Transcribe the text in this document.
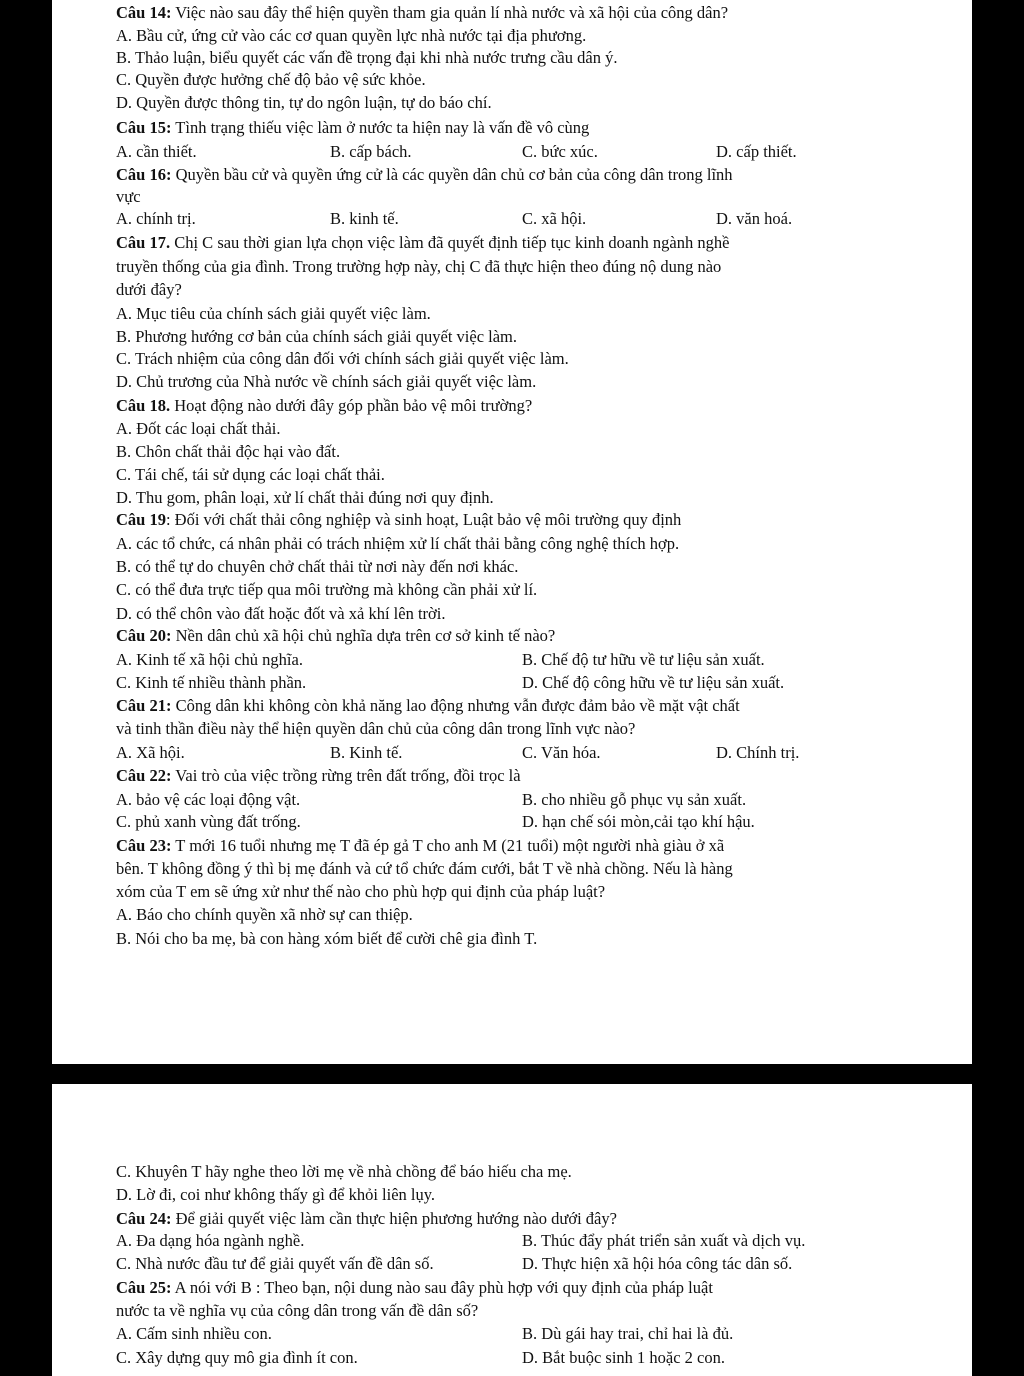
Câu 14: Việc nào sau đây thể hiện quyền tham gia quản lí nhà nước và xã hội của công dân?
A. Bầu cử, ứng cử vào các cơ quan quyền lực nhà nước tại địa phương.
B. Thảo luận, biểu quyết các vấn đề trọng đại khi nhà nước trưng cầu dân ý.
C. Quyền được hưởng chế độ bảo vệ sức khỏe.
D. Quyền được thông tin, tự do ngôn luận, tự do báo chí.
Câu 15: Tình trạng thiếu việc làm ở nước ta hiện nay là vấn đề vô cùng
A. cần thiết.	B. cấp bách.	C. bức xúc.	D. cấp thiết.
Câu 16: Quyền bầu cử và quyền ứng cử là các quyền dân chủ cơ bản của công dân trong lĩnh
vực
A. chính trị.	B. kinh tế.	C. xã hội.	D. văn hoá.
Câu 17. Chị C sau thời gian lựa chọn việc làm đã quyết định tiếp tục kinh doanh ngành nghề
truyền thống của gia đình. Trong trường hợp này, chị C đã thực hiện theo đúng nộ dung nào
dưới đây?
A. Mục tiêu của chính sách giải quyết việc làm.
B. Phương hướng cơ bản của chính sách giải quyết việc làm.
C. Trách nhiệm của công dân đối với chính sách giải quyết việc làm.
D. Chủ trương của Nhà nước về chính sách giải quyết việc làm.
Câu 18. Hoạt động nào dưới đây góp phần bảo vệ môi trường?
A. Đốt các loại chất thải.
B. Chôn chất thải độc hại vào đất.
C. Tái chế, tái sử dụng các loại chất thải.
D. Thu gom, phân loại, xử lí chất thải đúng nơi quy định.
Câu 19: Đối với chất thải công nghiệp và sinh hoạt, Luật bảo vệ môi trường quy định
A. các tổ chức, cá nhân phải có trách nhiệm xử lí chất thải bằng công nghệ thích hợp.
B. có thể tự do chuyên chở chất thải từ nơi này đến nơi khác.
C. có thể đưa trực tiếp qua môi trường mà không cần phải xử lí.
D. có thể chôn vào đất hoặc đốt và xả khí lên trời.
Câu 20: Nền dân chủ xã hội chủ nghĩa dựa trên cơ sở kinh tế nào?
A. Kinh tế xã hội chủ nghĩa.	B. Chế độ tư hữu về tư liệu sản xuất.
C. Kinh tế nhiều thành phần.	D. Chế độ công hữu về tư liệu sản xuất.
Câu 21: Công dân khi không còn khả năng lao động nhưng vẫn được đảm bảo về mặt vật chất
và tinh thần điều này thể hiện quyền dân chủ của công dân trong lĩnh vực nào?
A. Xã hội.	B. Kinh tế.	C. Văn hóa.	D. Chính trị.
Câu 22: Vai trò của việc trồng rừng trên đất trống, đồi trọc là
A. bảo vệ các loại động vật.	B. cho nhiều gỗ phục vụ sản xuất.
C. phủ xanh vùng đất trống.	D. hạn chế sói mòn,cải tạo khí hậu.
Câu 23: T mới 16 tuổi nhưng mẹ T đã ép gả T cho anh M (21 tuổi) một người nhà giàu ở xã
bên. T không đồng ý thì bị mẹ đánh và cứ tổ chức đám cưới, bắt T về nhà chồng. Nếu là hàng
xóm của T em sẽ ứng xử như thế nào cho phù hợp qui định của pháp luật?
A. Báo cho chính quyền xã nhờ sự can thiệp.
B. Nói cho ba mẹ, bà con hàng xóm biết để cười chê gia đình T.
C. Khuyên T hãy nghe theo lời mẹ về nhà chồng để báo hiếu cha mẹ.
D. Lờ đi, coi như không thấy gì để khỏi liên lụy.
Câu 24: Để giải quyết việc làm cần thực hiện phương hướng nào dưới đây?
A. Đa dạng hóa ngành nghề.	B. Thúc đẩy phát triển sản xuất và dịch vụ.
C. Nhà nước đầu tư để giải quyết vấn đề dân số.	D. Thực hiện xã hội hóa công tác dân số.
Câu 25: A nói với B : Theo bạn, nội dung nào sau đây phù hợp với quy định của pháp luật
nước ta về nghĩa vụ của công dân trong vấn đề dân số?
A. Cấm sinh nhiều con.	B. Dù gái hay trai, chỉ hai là đủ.
C. Xây dựng quy mô gia đình ít con.	D. Bắt buộc sinh 1 hoặc 2 con.
